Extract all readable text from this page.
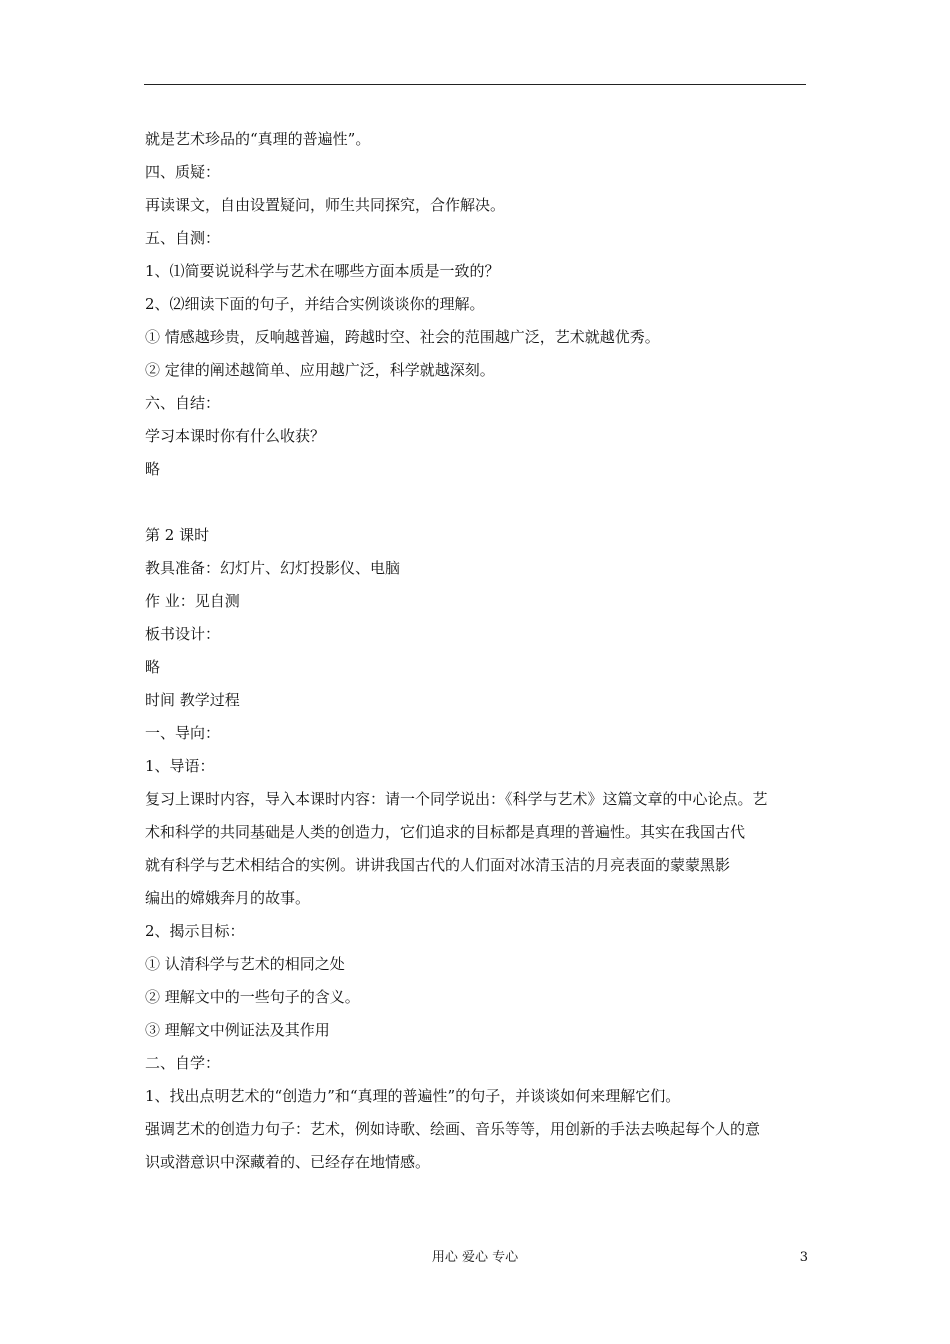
就是艺术珍品的“真理的普遍性”。
四、质疑：
再读课文，自由设置疑问，师生共同探究，合作解决。
五、自测：
1、⑴简要说说科学与艺术在哪些方面本质是一致的？
2、⑵细读下面的句子，并结合实例谈谈你的理解。
① 情感越珍贵，反响越普遍，跨越时空、社会的范围越广泛，艺术就越优秀。
② 定律的阐述越简单、应用越广泛，科学就越深刻。
六、自结：
学习本课时你有什么收获？
略
第 2 课时
教具准备：幻灯片、幻灯投影仪、电脑
作 业：见自测
板书设计：
略
时间 教学过程
一、导向：
1、导语：
复习上课时内容，导入本课时内容：请一个同学说出：《科学与艺术》这篇文章的中心论点。艺
术和科学的共同基础是人类的创造力，它们追求的目标都是真理的普遍性。其实在我国古代
就有科学与艺术相结合的实例。讲讲我国古代的人们面对冰清玉洁的月亮表面的蒙蒙黑影
编出的嫦娥奔月的故事。
2、揭示目标：
① 认清科学与艺术的相同之处
② 理解文中的一些句子的含义。
③ 理解文中例证法及其作用
二、自学：
1、找出点明艺术的“创造力”和“真理的普遍性”的句子，并谈谈如何来理解它们。
强调艺术的创造力句子：艺术，例如诗歌、绘画、音乐等等，用创新的手法去唤起每个人的意
识或潜意识中深藏着的、已经存在地情感。
用心 爱心 专心	3
